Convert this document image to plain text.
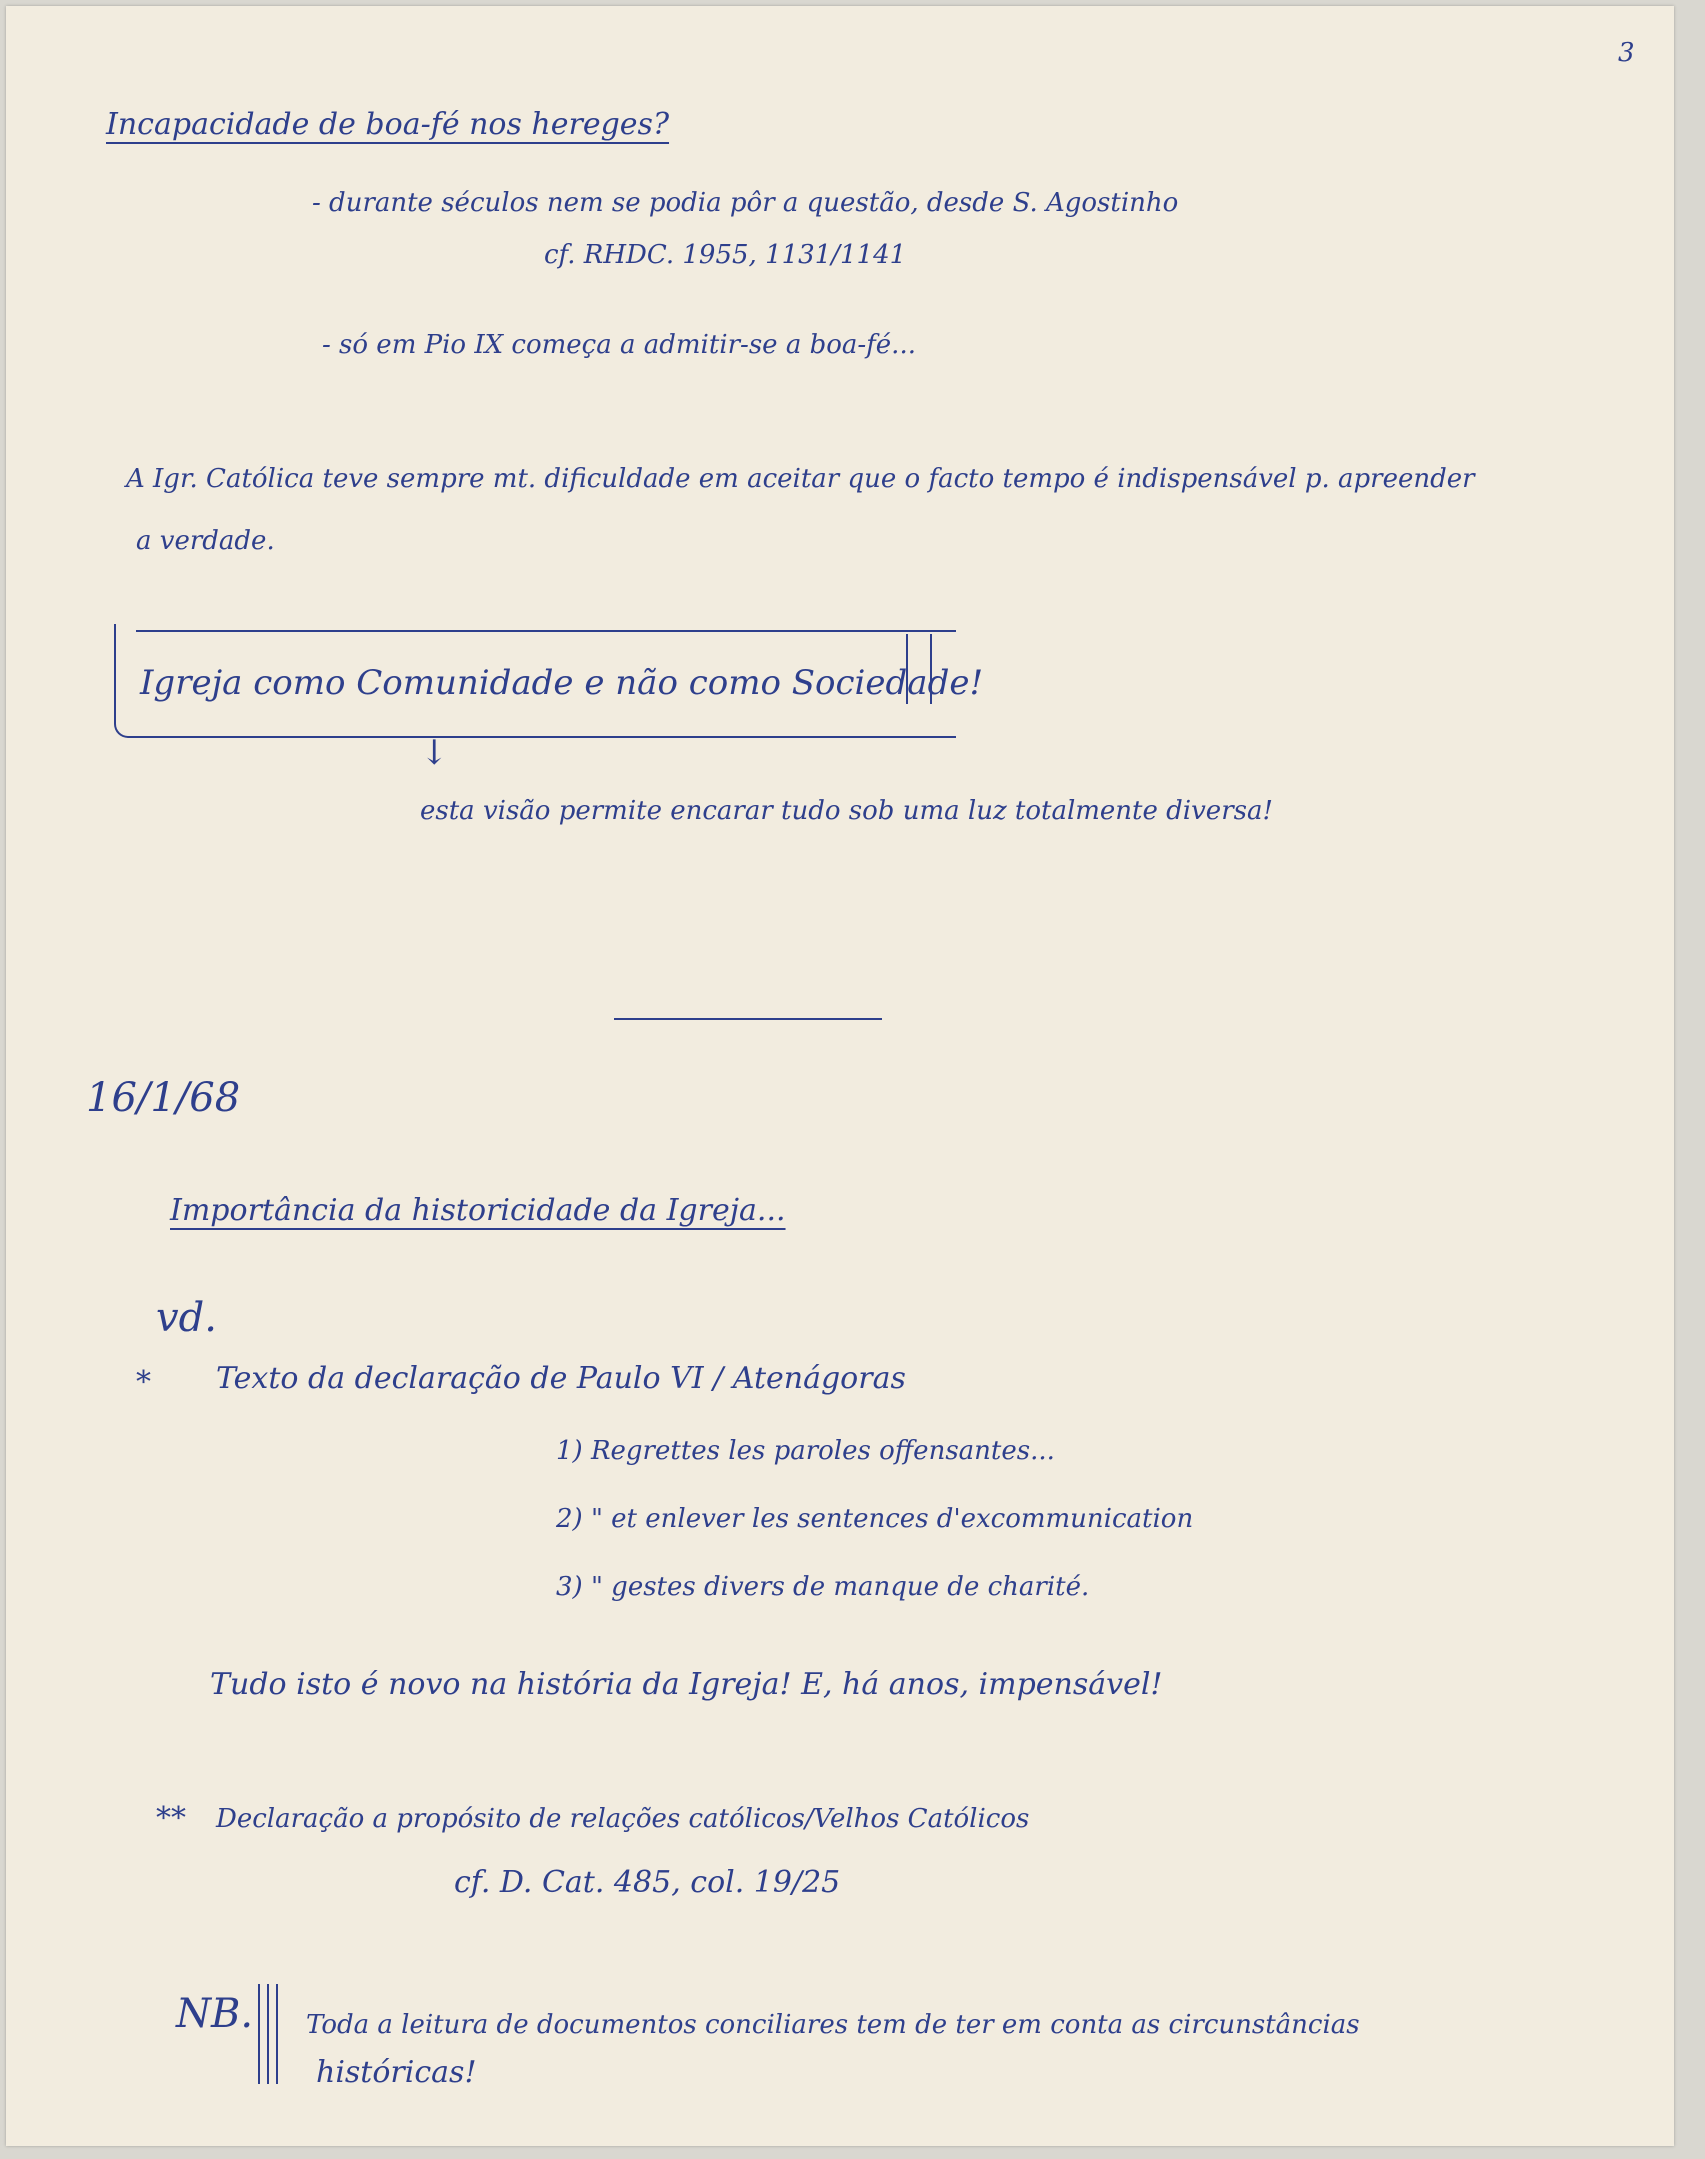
3
Incapacidade de boa-fé nos hereges?
- durante séculos nem se podia pôr a questão, desde S. Agostinho
cf. RHDC. 1955, 1131/1141
- só em Pio IX começa a admitir-se a boa-fé...
A Igr. Católica teve sempre mt. dificuldade em aceitar que o facto tempo é indispensável p. apreender
a verdade.
Igreja como Comunidade e não como Sociedade!
↓
esta visão permite encarar tudo sob uma luz totalmente diversa!
16/1/68
Importância da historicidade da Igreja...
vd.
* Texto da declaração de Paulo VI / Atenágoras
1) Regrettes les paroles offensantes...
2) " et enlever les sentences d'excommunication
3) " gestes divers de manque de charité.
Tudo isto é novo na história da Igreja! E, há anos, impensável!
** Declaração a propósito de relações católicos/Velhos Católicos
cf. D. Cat. 485, col. 19/25
NB. Toda a leitura de documentos conciliares tem de ter em conta as circunstâncias
históricas!
